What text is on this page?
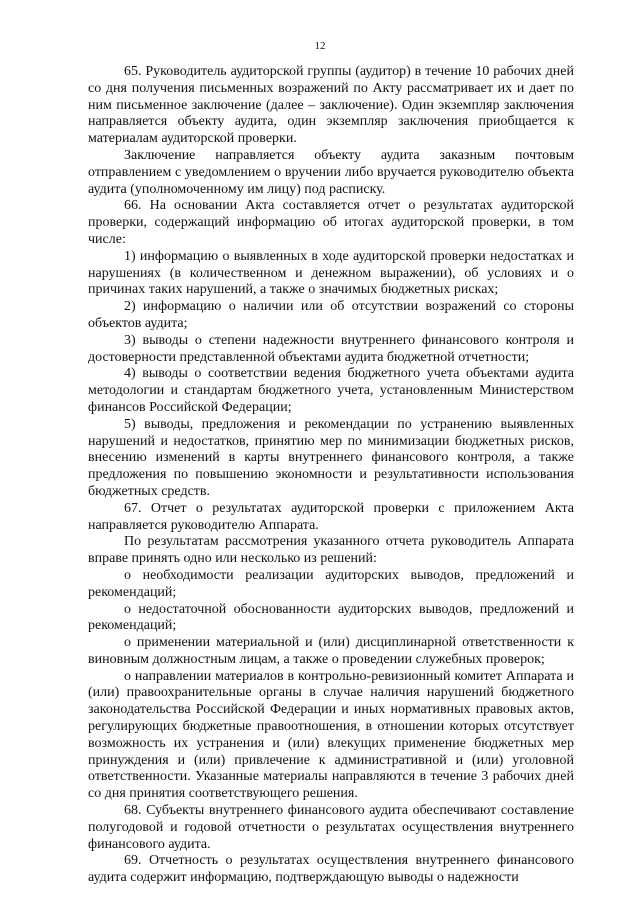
12

65. Руководитель аудиторской группы (аудитор) в течение 10 рабочих дней со дня получения письменных возражений по Акту рассматривает их и дает по ним письменное заключение (далее – заключение). Один экземпляр заключения направляется объекту аудита, один экземпляр заключения приобщается к материалам аудиторской проверки.

Заключение направляется объекту аудита заказным почтовым отправлением с уведомлением о вручении либо вручается руководителю объекта аудита (уполномоченному им лицу) под расписку.

66. На основании Акта составляется отчет о результатах аудиторской проверки, содержащий информацию об итогах аудиторской проверки, в том числе:

1) информацию о выявленных в ходе аудиторской проверки недостатках и нарушениях (в количественном и денежном выражении), об условиях и о причинах таких нарушений, а также о значимых бюджетных рисках;

2) информацию о наличии или об отсутствии возражений со стороны объектов аудита;

3) выводы о степени надежности внутреннего финансового контроля и достоверности представленной объектами аудита бюджетной отчетности;

4) выводы о соответствии ведения бюджетного учета объектами аудита методологии и стандартам бюджетного учета, установленным Министерством финансов Российской Федерации;

5) выводы, предложения и рекомендации по устранению выявленных нарушений и недостатков, принятию мер по минимизации бюджетных рисков, внесению изменений в карты внутреннего финансового контроля, а также предложения по повышению экономности и результативности использования бюджетных средств.

67. Отчет о результатах аудиторской проверки с приложением Акта направляется руководителю Аппарата.

По результатам рассмотрения указанного отчета руководитель Аппарата вправе принять одно или несколько из решений:

о необходимости реализации аудиторских выводов, предложений и рекомендаций;

о недостаточной обоснованности аудиторских выводов, предложений и рекомендаций;

о применении материальной и (или) дисциплинарной ответственности к виновным должностным лицам, а также о проведении служебных проверок;

о направлении материалов в контрольно-ревизионный комитет Аппарата и (или) правоохранительные органы в случае наличия нарушений бюджетного законодательства Российской Федерации и иных нормативных правовых актов, регулирующих бюджетные правоотношения, в отношении которых отсутствует возможность их устранения и (или) влекущих применение бюджетных мер принуждения и (или) привлечение к административной и (или) уголовной ответственности. Указанные материалы направляются в течение 3 рабочих дней со дня принятия соответствующего решения.

68. Субъекты внутреннего финансового аудита обеспечивают составление полугодовой и годовой отчетности о результатах осуществления внутреннего финансового аудита.

69. Отчетность о результатах осуществления внутреннего финансового аудита содержит информацию, подтверждающую выводы о надежности
